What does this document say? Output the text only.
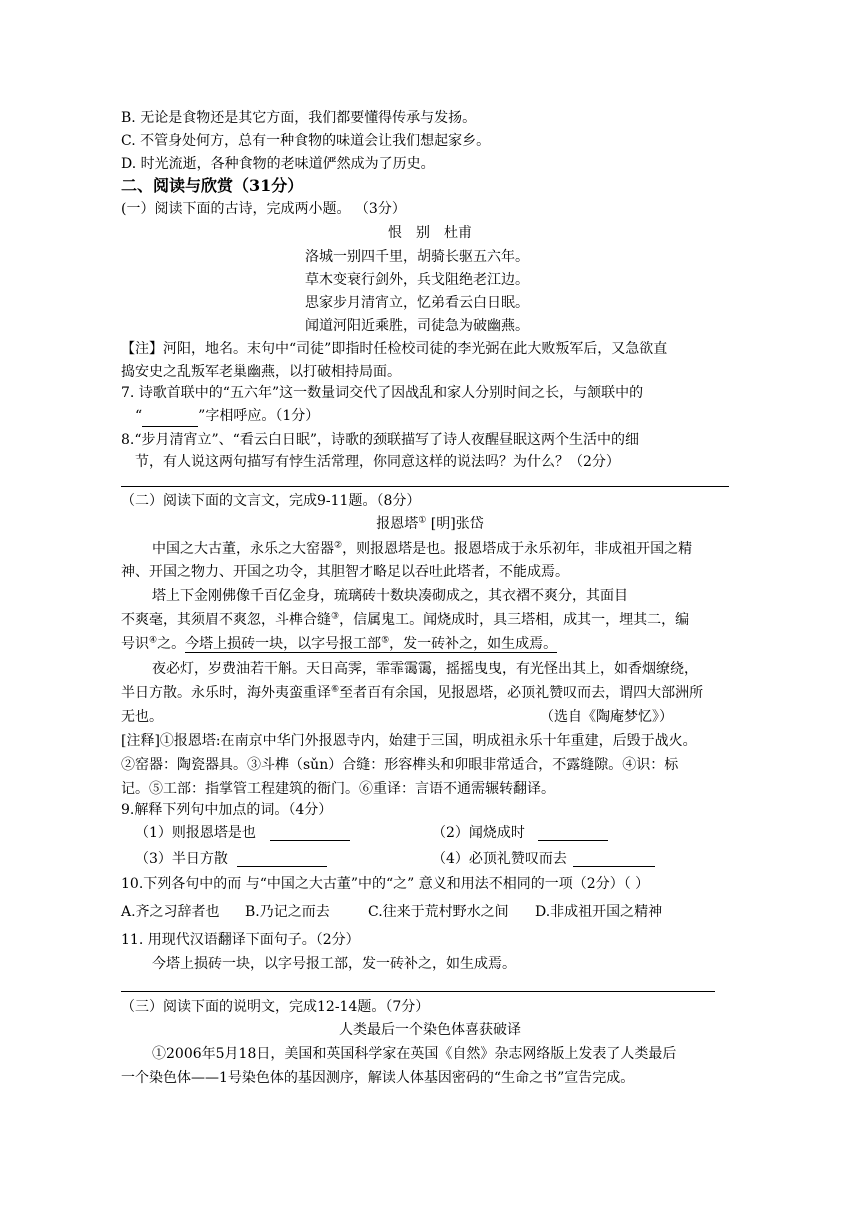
B. 无论是食物还是其它方面，我们都要懂得传承与发扬。
C. 不管身处何方，总有一种食物的味道会让我们想起家乡。
D. 时光流逝，各种食物的老味道俨然成为了历史。
二、阅读与欣赏（31分）
(一）阅读下面的古诗，完成两小题。 （3分）
恨　别　杜甫
洛城一别四千里，胡骑长驱五六年。
草木变衰行剑外，兵戈阻绝老江边。
思家步月清宵立，忆弟看云白日眠。
闻道河阳近乘胜，司徒急为破幽燕。
【注】河阳，地名。末句中“司徒”即指时任检校司徒的李光弼在此大败叛军后，又急欲直
捣安史之乱叛军老巢幽燕，以打破相持局面。
7. 诗歌首联中的“五六年”这一数量词交代了因战乱和家人分别时间之长，与颔联中的
“	”字相呼应。（1分）
8.“步月清宵立”、“看云白日眠”，诗歌的颈联描写了诗人夜醒昼眠这两个生活中的细
节，有人说这两句描写有悖生活常理，你同意这样的说法吗？为什么？（2分）
（二）阅读下面的文言文，完成9-11题。（8分）
报恩塔① [明]张岱
中国之大古董，永乐之大窑器②，则报恩塔是也。报恩塔成于永乐初年，非成祖开国之精
神、开国之物力、开国之功令，其胆智才略足以吞吐此塔者，不能成焉。
塔上下金刚佛像千百亿金身，琉璃砖十数块凑砌成之，其衣褶不爽分，其面目
不爽毫，其须眉不爽忽，斗榫合缝③，信属鬼工。闻烧成时，具三塔相，成其一，埋其二，编
号识④之。今塔上损砖一块，以字号报工部⑤，发一砖补之，如生成焉。
夜必灯，岁费油若干斛。天日高霁，霏霏霭霭，摇摇曳曳，有光怪出其上，如香烟缭绕，
半日方散。永乐时，海外夷蛮重译⑥至者百有余国，见报恩塔，必顶礼赞叹而去，谓四大部洲所
无也。	（选自《陶庵梦忆》）
[注释]①报恩塔:在南京中华门外报恩寺内，始建于三国，明成祖永乐十年重建，后毁于战火。
②窑器：陶瓷器具。③斗榫（sǔn）合缝：形容榫头和卯眼非常适合，不露缝隙。④识：标
记。⑤工部：指掌管工程建筑的衙门。⑥重译：言语不通需辗转翻译。
9.解释下列句中加点的词。（4分）
（1）则报恩塔是也	（2）闻烧成时
（3）半日方散	（4）必顶礼赞叹而去
10.下列各句中的而 与“中国之大古董”中的“之” 意义和用法不相同的一项（2分）（ ）
A.齐之习辞者也 B.乃记之而去	C.往来于荒村野水之间 D.非成祖开国之精神
11. 用现代汉语翻译下面句子。（2分）
今塔上损砖一块，以字号报工部，发一砖补之，如生成焉。
（三）阅读下面的说明文，完成12-14题。（7分）
人类最后一个染色体喜获破译
①2006年5月18日，美国和英国科学家在英国《自然》杂志网络版上发表了人类最后
一个染色体——1号染色体的基因测序，解读人体基因密码的“生命之书”宣告完成。
